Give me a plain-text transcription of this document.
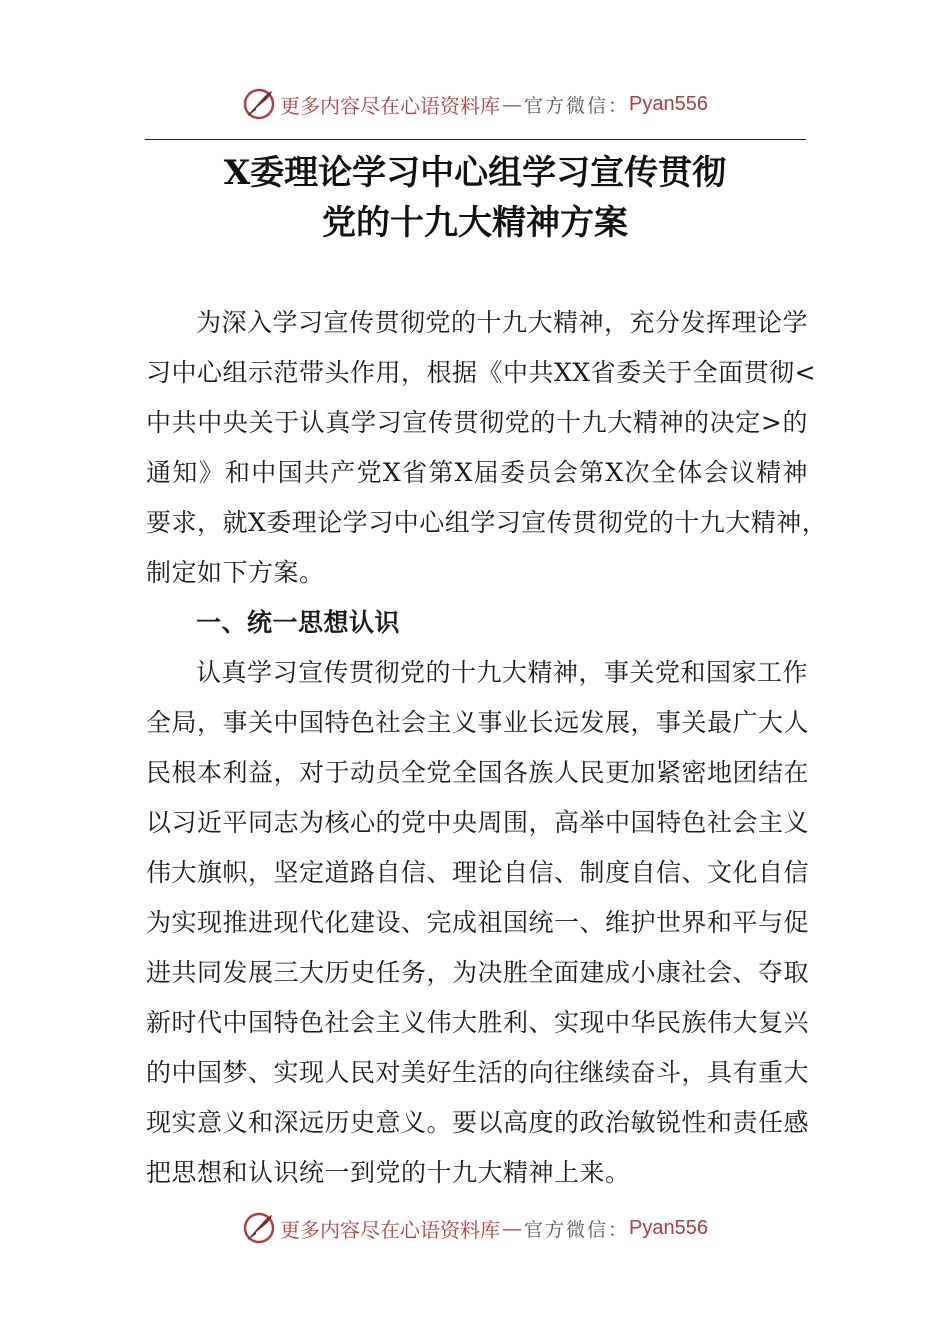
更多内容尽在心语资料库 — 官方微信： Pyan556
X委理论学习中心组学习宣传贯彻
党的十九大精神方案
为深入学习宣传贯彻党的十九大精神，充分发挥理论学
习中心组示范带头作用，根据《中共XX省委关于全面贯彻<
中共中央关于认真学习宣传贯彻党的十九大精神的决定>的
通知》和中国共产党X省第X届委员会第X次全体会议精神
要求，就X委理论学习中心组学习宣传贯彻党的十九大精神，
制定如下方案。
一、统一思想认识
认真学习宣传贯彻党的十九大精神，事关党和国家工作
全局，事关中国特色社会主义事业长远发展，事关最广大人
民根本利益，对于动员全党全国各族人民更加紧密地团结在
以习近平同志为核心的党中央周围，高举中国特色社会主义
伟大旗帜，坚定道路自信、理论自信、制度自信、文化自信
为实现推进现代化建设、完成祖国统一、维护世界和平与促
进共同发展三大历史任务，为决胜全面建成小康社会、夺取
新时代中国特色社会主义伟大胜利、实现中华民族伟大复兴
的中国梦、实现人民对美好生活的向往继续奋斗，具有重大
现实意义和深远历史意义。要以高度的政治敏锐性和责任感
把思想和认识统一到党的十九大精神上来。
更多内容尽在心语资料库 — 官方微信： Pyan556
